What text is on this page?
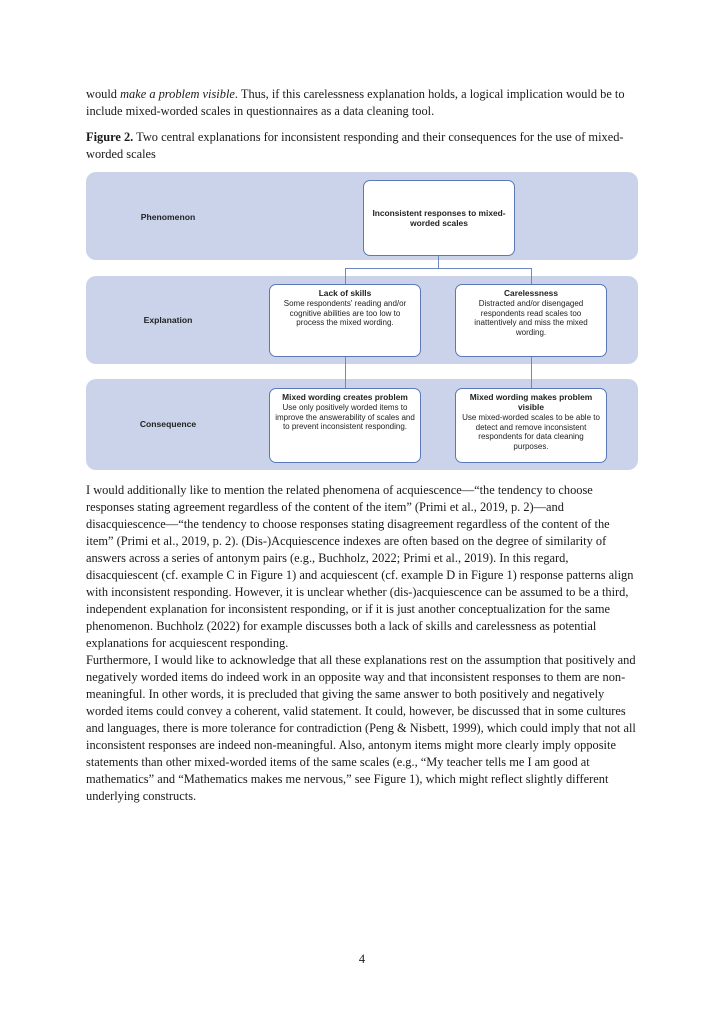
would make a problem visible. Thus, if this carelessness explanation holds, a logical implication would be to include mixed-worded scales in questionnaires as a data cleaning tool.

Figure 2. Two central explanations for inconsistent responding and their consequences for the use of mixed-worded scales

Phenomenon
Explanation
Consequence
Inconsistent responses to mixed-worded scales
Lack of skills
Some respondents' reading and/or cognitive abilities are too low to process the mixed wording.
Carelessness
Distracted and/or disengaged respondents read scales too inattentively and miss the mixed wording.
Mixed wording creates problem
Use only positively worded items to improve the answerability of scales and to prevent inconsistent responding.
Mixed wording makes problem visible
Use mixed-worded scales to be able to detect and remove inconsistent respondents for data cleaning purposes.

I would additionally like to mention the related phenomena of acquiescence—“the tendency to choose responses stating agreement regardless of the content of the item” (Primi et al., 2019, p. 2)—and disacquiescence—“the tendency to choose responses stating disagreement regardless of the content of the item” (Primi et al., 2019, p. 2). (Dis-)Acquiescence indexes are often based on the degree of similarity of answers across a series of antonym pairs (e.g., Buchholz, 2022; Primi et al., 2019). In this regard, disacquiescent (cf. example C in Figure 1) and acquiescent (cf. example D in Figure 1) response patterns align with inconsistent responding. However, it is unclear whether (dis-)acquiescence can be assumed to be a third, independent explanation for inconsistent responding, or if it is just another conceptualization for the same phenomenon. Buchholz (2022) for example discusses both a lack of skills and carelessness as potential explanations for acquiescent responding.

Furthermore, I would like to acknowledge that all these explanations rest on the assumption that positively and negatively worded items do indeed work in an opposite way and that inconsistent responses to them are non-meaningful. In other words, it is precluded that giving the same answer to both positively and negatively worded items could convey a coherent, valid statement. It could, however, be discussed that in some cultures and languages, there is more tolerance for contradiction (Peng & Nisbett, 1999), which could imply that not all inconsistent responses are indeed non-meaningful. Also, antonym items might more clearly imply opposite statements than other mixed-worded items of the same scales (e.g., “My teacher tells me I am good at mathematics” and “Mathematics makes me nervous,” see Figure 1), which might reflect slightly different underlying constructs.

4
